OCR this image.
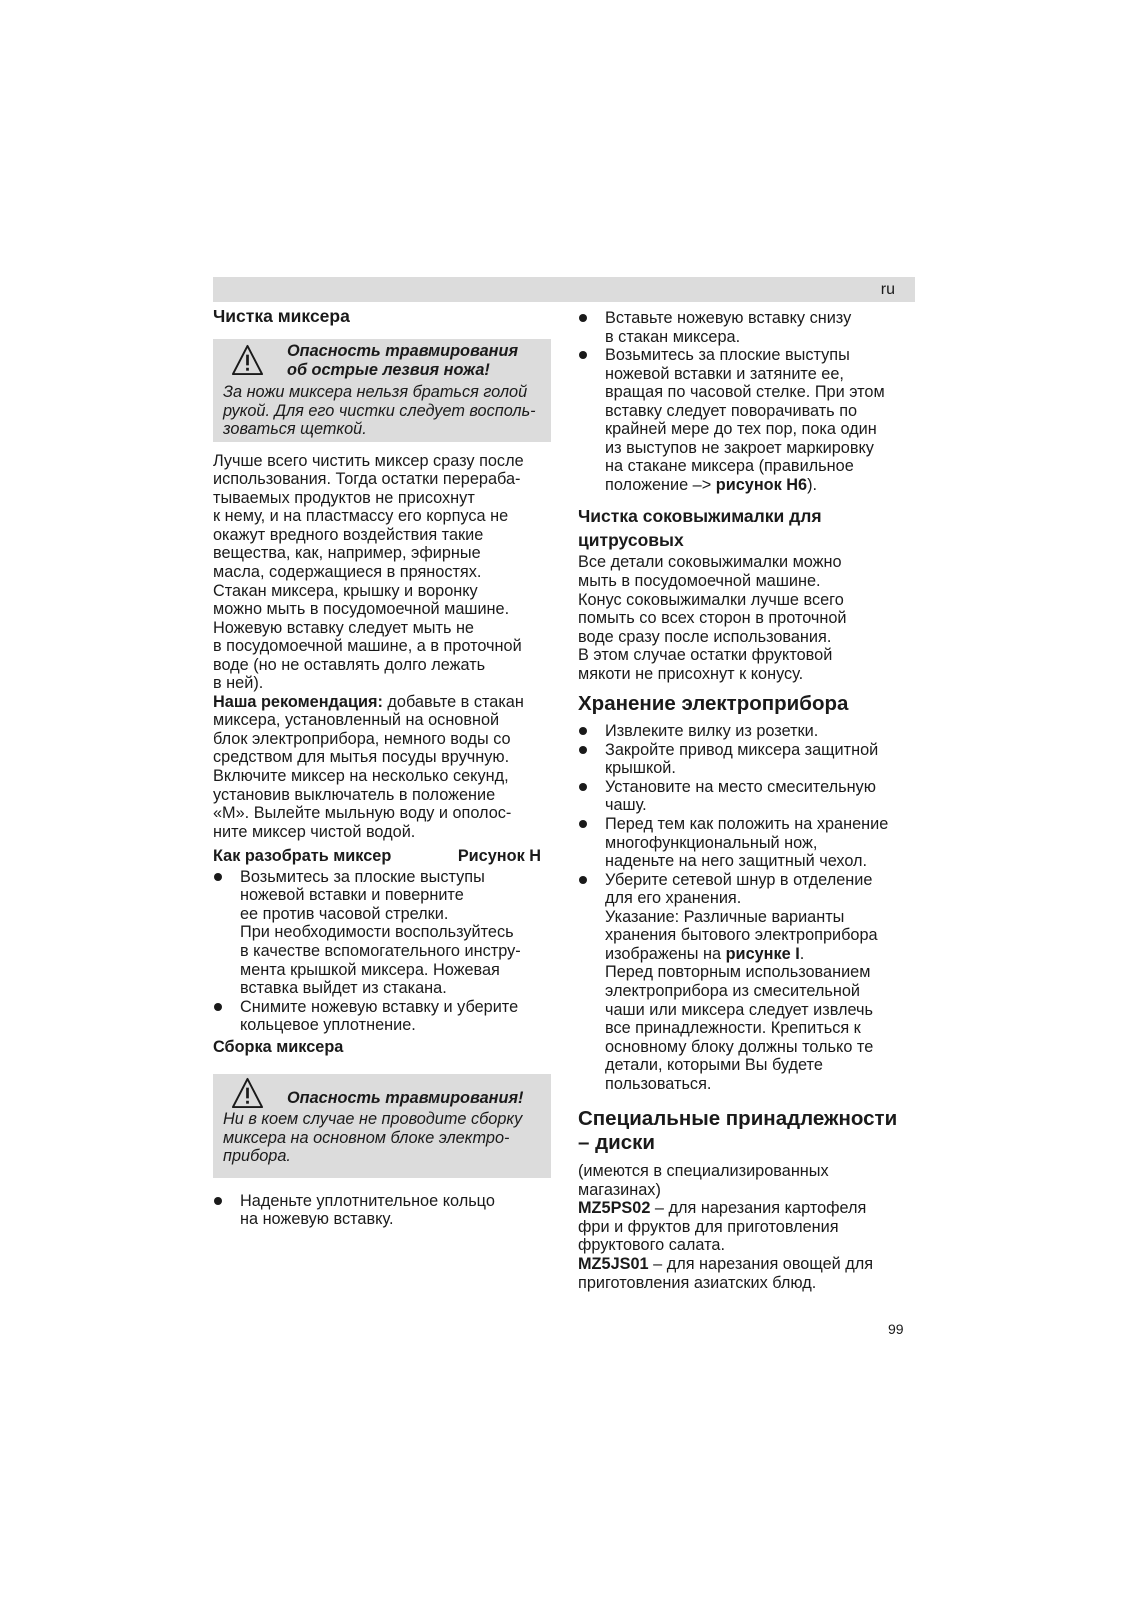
ru
Чистка миксера
Опасность травмирования
об острые лезвия ножа!
За ножи миксера нельзя браться голой
рукой. Для его чистки следует восполь-
зоваться щеткой.

Лучше всего чистить миксер сразу после
использования. Тогда остатки перераба-
тываемых продуктов не присохнут
к нему, и на пластмассу его корпуса не
окажут вредного воздействия такие
вещества, как, например, эфирные
масла, содержащиеся в пряностях.
Стакан миксера, крышку и воронку
можно мыть в посудомоечной машине.
Ножевую вставку следует мыть не
в посудомоечной машине, а в проточной
воде (но не оставлять долго лежать
в ней).

Наша рекомендация: добавьте в стакан
миксера, установленный на основной
блок электроприбора, немного воды со
средством для мытья посуды вручную.
Включите миксер на несколько секунд,
установив выключатель в положение
«M». Вылейте мыльную воду и ополос-
ните миксер чистой водой.

Как разобрать миксер	Рисунок H
Возьмитесь за плоские выступы
ножевой вставки и поверните
ее против часовой стрелки.
При необходимости воспользуйтесь
в качестве вспомогательного инстру-
мента крышкой миксера. Ножевая
вставка выйдет из стакана.
Снимите ножевую вставку и уберите
кольцевое уплотнение.
Сборка миксера
Опасность травмирования!
Ни в коем случае не проводите сборку
миксера на основном блоке электро-
прибора.
Наденьте уплотнительное кольцо
на ножевую вставку.
Вставьте ножевую вставку снизу
в стакан миксера.
Возьмитесь за плоские выступы
ножевой вставки и затяните ее,
вращая по часовой стелке. При этом
вставку следует поворачивать по
крайней мере до тех пор, пока один
из выступов не закроет маркировку
на стакане миксера (правильное
положение –> рисунок H6).
Чистка соковыжималки для
цитрусовых

Все детали соковыжималки можно
мыть в посудомоечной машине.
Конус соковыжималки лучше всего
помыть со всех сторон в проточной
воде сразу после использования.
В этом случае остатки фруктовой
мякоти не присохнут к конусу.

Хранение электроприбора
Извлеките вилку из розетки.
Закройте привод миксера защитной
крышкой.
Установите на место смесительную
чашу.
Перед тем как положить на хранение
многофункциональный нож,
наденьте на него защитный чехол.
Уберите сетевой шнур в отделение
для его хранения.
Указание: Различные варианты
хранения бытового электроприбора
изображены на рисунке I.
Перед повторным использованием
электроприбора из смесительной
чаши или миксера следует извлечь
все принадлежности. Крепиться к
основному блоку должны только те
детали, которыми Вы будете
пользоваться.
Специальные принадлежности
– диски

(имеются в специализированных
магазинах)

MZ5PS02 – для нарезания картофеля
фри и фруктов для приготовления
фруктового салата.

MZ5JS01 – для нарезания овощей для
приготовления азиатских блюд.

99
